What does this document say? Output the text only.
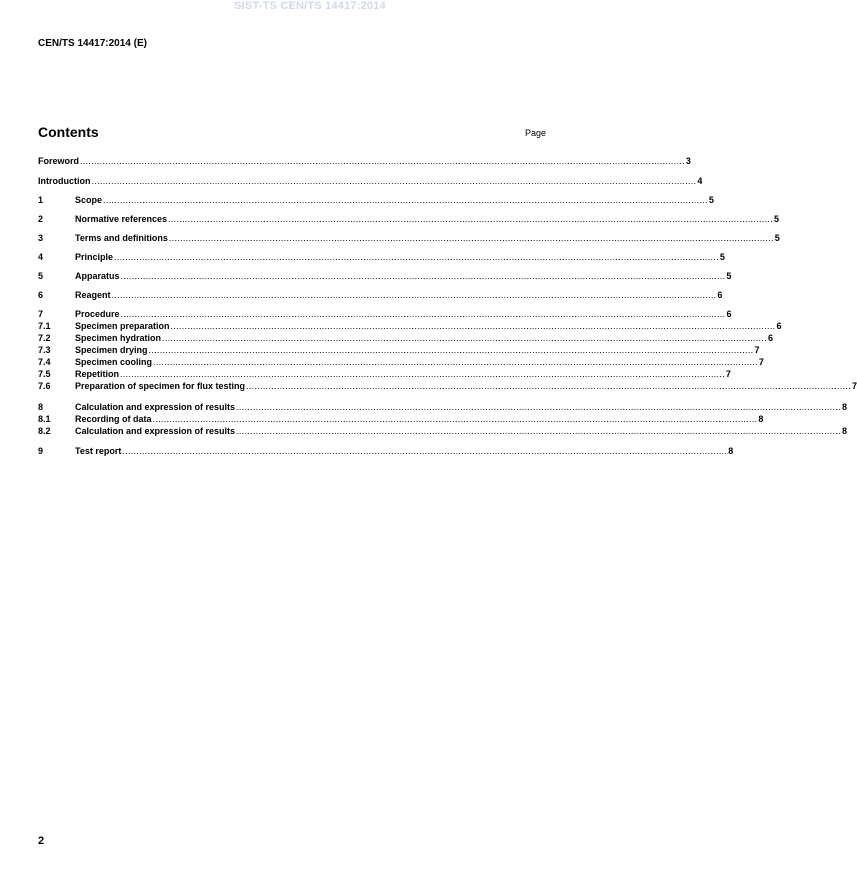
SIST-TS CEN/TS 14417:2014
CEN/TS 14417:2014 (E)
Contents	Page
Foreword ........................................................................................................................................................................................................................ 3
Introduction ........................................................................................................................................................................................................................ 4
1	Scope ........................................................................................................................................................................................................................ 5
2	Normative references ........................................................................................................................................................................................................................ 5
3	Terms and definitions ........................................................................................................................................................................................................................ 5
4	Principle ........................................................................................................................................................................................................................ 5
5	Apparatus ........................................................................................................................................................................................................................ 5
6	Reagent ........................................................................................................................................................................................................................ 6
7	Procedure ........................................................................................................................................................................................................................ 6
7.1	Specimen preparation ........................................................................................................................................................................................................................ 6
7.2	Specimen hydration ........................................................................................................................................................................................................................ 6
7.3	Specimen drying ........................................................................................................................................................................................................................ 7
7.4	Specimen cooling ........................................................................................................................................................................................................................ 7
7.5	Repetition ........................................................................................................................................................................................................................ 7
7.6	Preparation of specimen for flux testing ........................................................................................................................................................................................................................ 7
8	Calculation and expression of results ........................................................................................................................................................................................................................ 8
8.1	Recording of data ........................................................................................................................................................................................................................ 8
8.2	Calculation and expression of results ........................................................................................................................................................................................................................ 8
9	Test report ........................................................................................................................................................................................................................ 8
2
